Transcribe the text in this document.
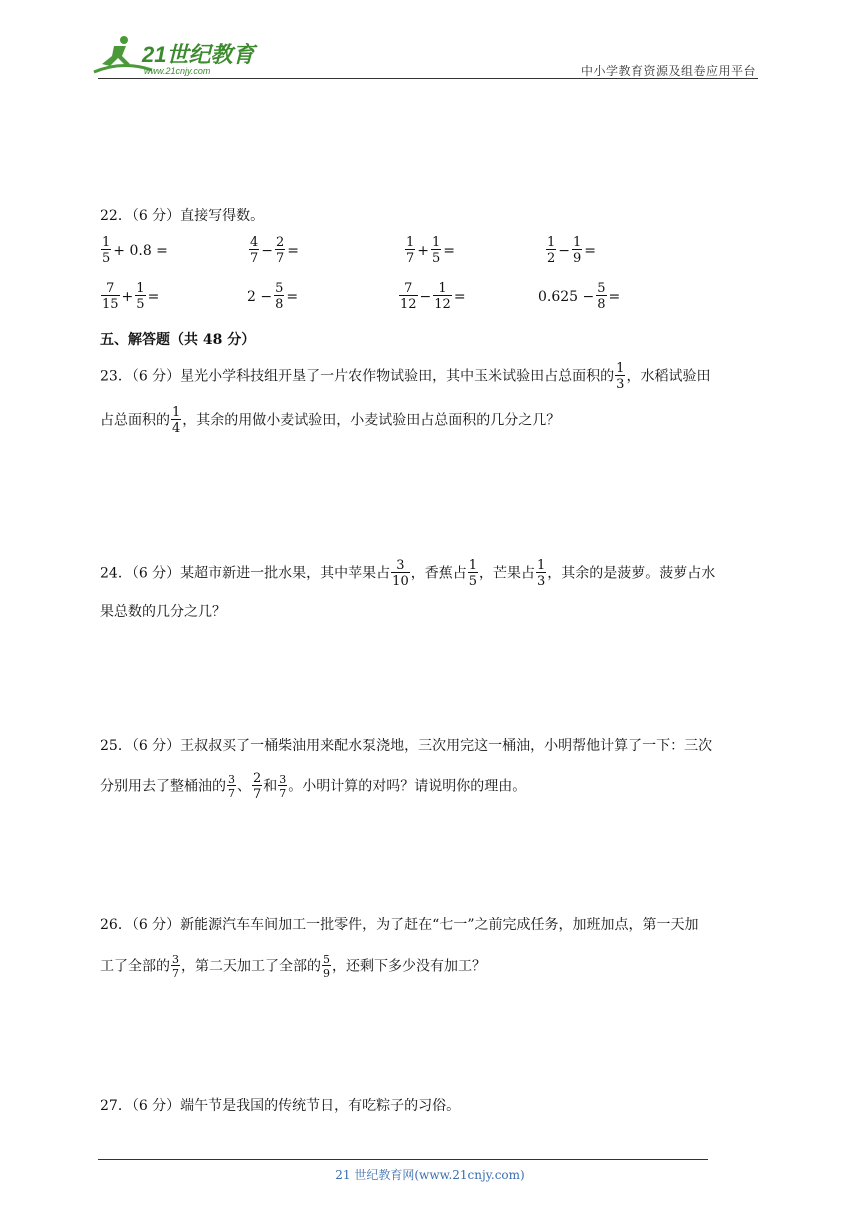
21世纪教育
www.21cnjy.com	中小学教育资源及组卷应用平台
22．（6 分）直接写得数。
$\frac{1}{5} + 0.8$ =	$\frac{4}{7} - \frac{2}{7}$ =	$\frac{1}{7} + \frac{1}{5}$ =	$\frac{1}{2} - \frac{1}{9}$ =
$\frac{7}{15} + \frac{1}{5}$ =	$2 - \frac{5}{8}$ =	$\frac{7}{12} - \frac{1}{12}$ =	$0.625 - \frac{5}{8}$ =
五、解答题（共 48 分）
23．（6 分）星光小学科技组开垦了一片农作物试验田，其中玉米试验田占总面积的 $\frac{1}{3}$ ，水稻试验田
占总面积的 $\frac{1}{4}$ ，其余的用做小麦试验田，小麦试验田占总面积的几分之几？
24．（6 分）某超市新进一批水果，其中苹果占 $\frac{3}{10}$ ，香蕉占 $\frac{1}{5}$ ，芒果占 $\frac{1}{3}$ ，其余的是菠萝。菠萝占水
果总数的几分之几？
25．（6 分）王叔叔买了一桶柴油用来配水泵浇地，三次用完这一桶油，小明帮他计算了一下：三次
分别用去了整桶油的 $\frac{3}{7}$ 、 $\frac{2}{7}$ 和 $\frac{3}{7}$ 。小明计算的对吗？请说明你的理由。
26．（6 分）新能源汽车车间加工一批零件，为了赶在“七一”之前完成任务，加班加点，第一天加
工了全部的 $\frac{3}{7}$ ，第二天加工了全部的 $\frac{5}{9}$ ，还剩下多少没有加工？
27．（6 分）端午节是我国的传统节日，有吃粽子的习俗。
21 世纪教育网(www.21cnjy.com)
